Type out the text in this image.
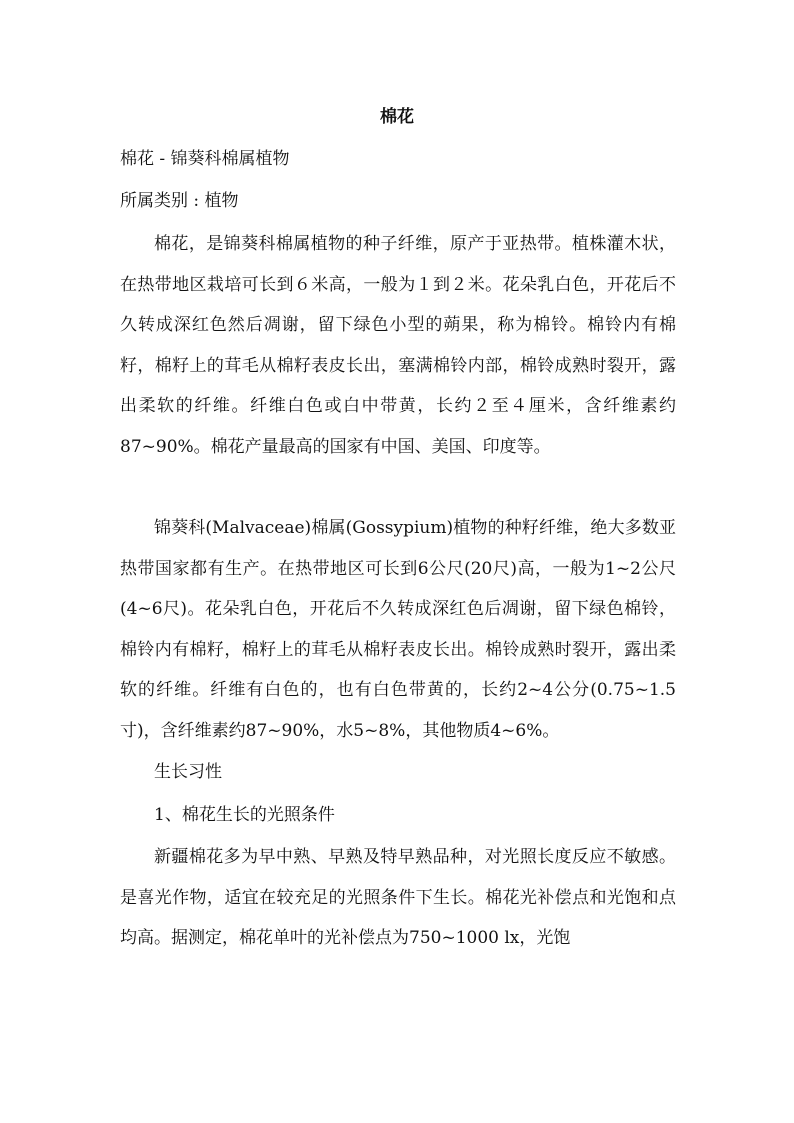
棉花
棉花 - 锦葵科棉属植物
所属类别 : 植物

棉花，是锦葵科棉属植物的种子纤维，原产于亚热带。植株灌木状，在热带地区栽培可长到６米高，一般为１到２米。花朵乳白色，开花后不久转成深红色然后凋谢，留下绿色小型的蒴果，称为棉铃。棉铃内有棉籽，棉籽上的茸毛从棉籽表皮长出，塞满棉铃内部，棉铃成熟时裂开，露出柔软的纤维。纤维白色或白中带黄，长约２至４厘米，含纤维素约87~90%。棉花产量最高的国家有中国、美国、印度等。

锦葵科(Malvaceae)棉属(Gossypium)植物的种籽纤维，绝大多数亚热带国家都有生产。在热带地区可长到6公尺(20尺)高，一般为1~2公尺(4~6尺)。花朵乳白色，开花后不久转成深红色后凋谢，留下绿色棉铃，棉铃内有棉籽，棉籽上的茸毛从棉籽表皮长出。棉铃成熟时裂开，露出柔软的纤维。纤维有白色的，也有白色带黄的，长约2~4公分(0.75~1.5寸)，含纤维素约87~90%，水5~8%，其他物质4~6%。

生长习性

1、棉花生长的光照条件

新疆棉花多为早中熟、早熟及特早熟品种，对光照长度反应不敏感。是喜光作物，适宜在较充足的光照条件下生长。棉花光补偿点和光饱和点均高。据测定，棉花单叶的光补偿点为750~1000 lx，光饱
